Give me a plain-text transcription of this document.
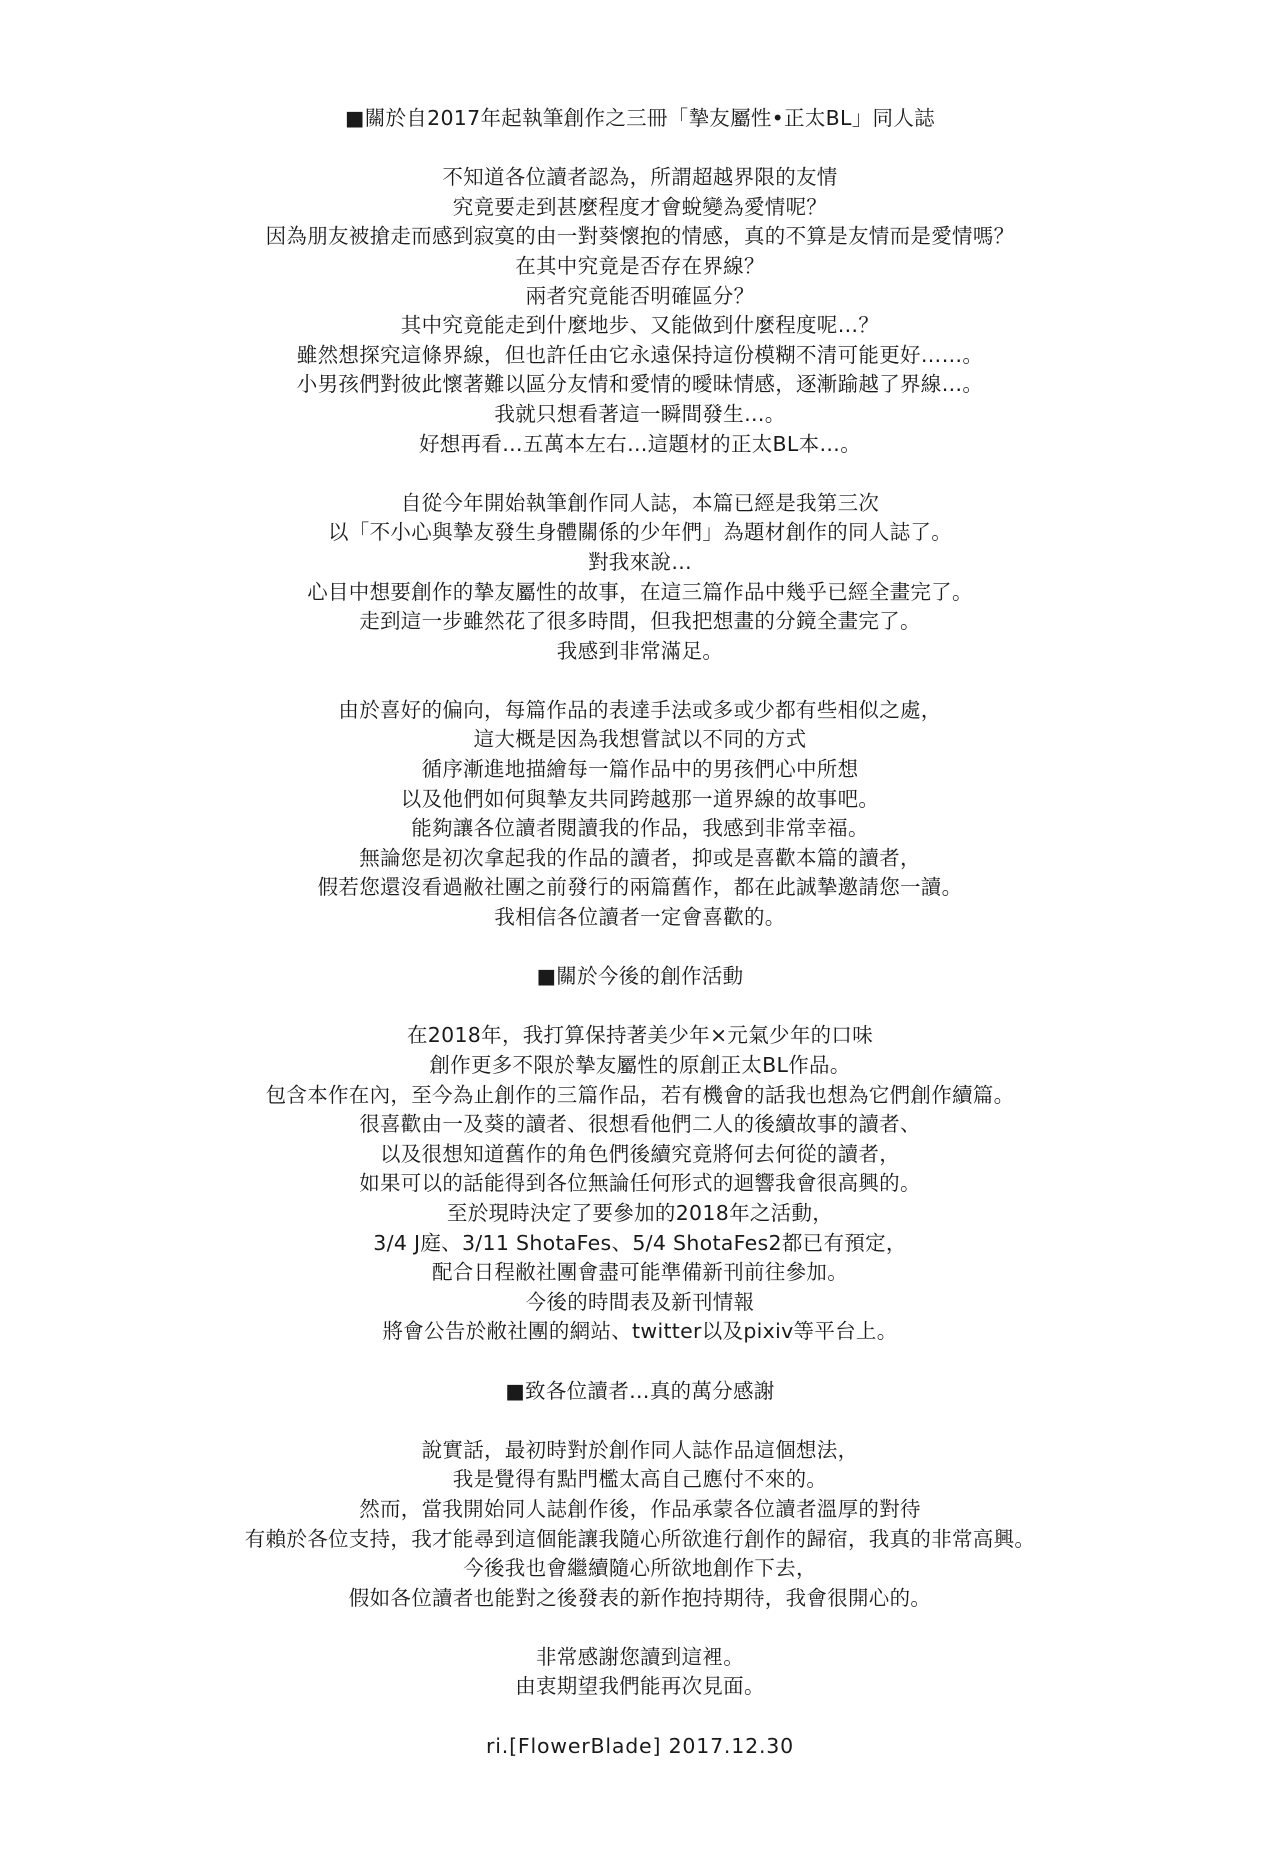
■關於自2017年起執筆創作之三冊「摯友屬性•正太BL」同人誌
不知道各位讀者認為，所謂超越界限的友情
究竟要走到甚麼程度才會蛻變為愛情呢？
因為朋友被搶走而感到寂寞的由一對葵懷抱的情感，真的不算是友情而是愛情嗎？
在其中究竟是否存在界線？
兩者究竟能否明確區分？
其中究竟能走到什麼地步、又能做到什麼程度呢…？
雖然想探究這條界線，但也許任由它永遠保持這份模糊不清可能更好……。
小男孩們對彼此懷著難以區分友情和愛情的曖昧情感，逐漸踰越了界線…。
我就只想看著這一瞬間發生…。
好想再看…五萬本左右…這題材的正太BL本…。
自從今年開始執筆創作同人誌，本篇已經是我第三次
以「不小心與摯友發生身體關係的少年們」為題材創作的同人誌了。
對我來說…
心目中想要創作的摯友屬性的故事，在這三篇作品中幾乎已經全畫完了。
走到這一步雖然花了很多時間，但我把想畫的分鏡全畫完了。
我感到非常滿足。
由於喜好的偏向，每篇作品的表達手法或多或少都有些相似之處，
這大概是因為我想嘗試以不同的方式
循序漸進地描繪每一篇作品中的男孩們心中所想
以及他們如何與摯友共同跨越那一道界線的故事吧。
能夠讓各位讀者閱讀我的作品，我感到非常幸福。
無論您是初次拿起我的作品的讀者，抑或是喜歡本篇的讀者，
假若您還沒看過敝社團之前發行的兩篇舊作，都在此誠摯邀請您一讀。
我相信各位讀者一定會喜歡的。
■關於今後的創作活動
在2018年，我打算保持著美少年×元氣少年的口味
創作更多不限於摯友屬性的原創正太BL作品。
包含本作在內，至今為止創作的三篇作品，若有機會的話我也想為它們創作續篇。
很喜歡由一及葵的讀者、很想看他們二人的後續故事的讀者、
以及很想知道舊作的角色們後續究竟將何去何從的讀者，
如果可以的話能得到各位無論任何形式的迴響我會很高興的。
至於現時決定了要參加的2018年之活動，
3/4 J庭、3/11 ShotaFes、5/4 ShotaFes2都已有預定，
配合日程敝社團會盡可能準備新刊前往參加。
今後的時間表及新刊情報
將會公告於敝社團的網站、twitter以及pixiv等平台上。
■致各位讀者…真的萬分感謝
說實話，最初時對於創作同人誌作品這個想法，
我是覺得有點門檻太高自己應付不來的。
然而，當我開始同人誌創作後，作品承蒙各位讀者溫厚的對待
有賴於各位支持，我才能尋到這個能讓我隨心所欲進行創作的歸宿，我真的非常高興。
今後我也會繼續隨心所欲地創作下去，
假如各位讀者也能對之後發表的新作抱持期待，我會很開心的。
非常感謝您讀到這裡。
由衷期望我們能再次見面。
ri.[FlowerBlade] 2017.12.30
